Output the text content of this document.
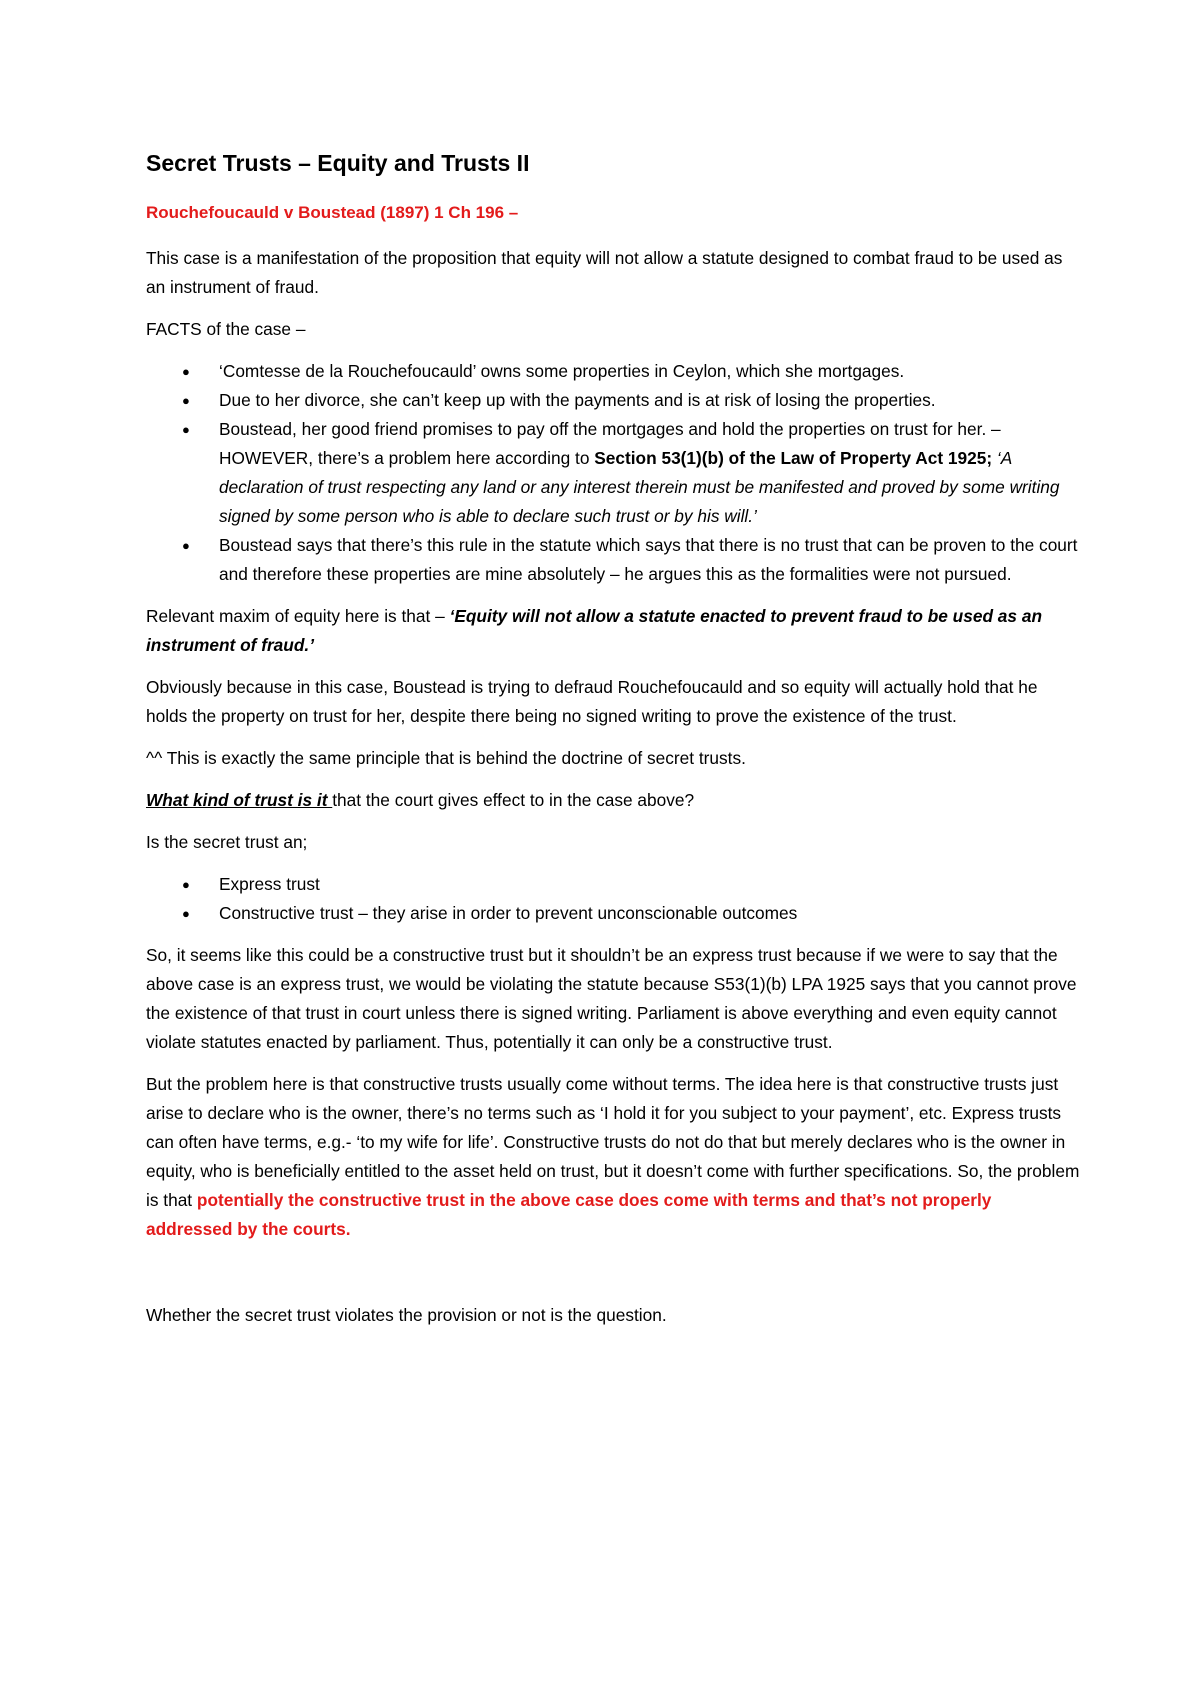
Secret Trusts – Equity and Trusts II
Rouchefoucauld v Boustead (1897) 1 Ch 196 –

This case is a manifestation of the proposition that equity will not allow a statute designed to combat fraud to be used as an instrument of fraud.

FACTS of the case –

● ‘Comtesse de la Rouchefoucauld’ owns some properties in Ceylon, which she mortgages.
● Due to her divorce, she can’t keep up with the payments and is at risk of losing the properties.
● Boustead, her good friend promises to pay off the mortgages and hold the properties on trust for her. – HOWEVER, there’s a problem here according to Section 53(1)(b) of the Law of Property Act 1925; ‘A declaration of trust respecting any land or any interest therein must be manifested and proved by some writing signed by some person who is able to declare such trust or by his will.’
● Boustead says that there’s this rule in the statute which says that there is no trust that can be proven to the court and therefore these properties are mine absolutely – he argues this as the formalities were not pursued.

Relevant maxim of equity here is that – ‘Equity will not allow a statute enacted to prevent fraud to be used as an instrument of fraud.’

Obviously because in this case, Boustead is trying to defraud Rouchefoucauld and so equity will actually hold that he holds the property on trust for her, despite there being no signed writing to prove the existence of the trust.

^^ This is exactly the same principle that is behind the doctrine of secret trusts.

What kind of trust is it that the court gives effect to in the case above?

Is the secret trust an;

● Express trust
● Constructive trust – they arise in order to prevent unconscionable outcomes

So, it seems like this could be a constructive trust but it shouldn’t be an express trust because if we were to say that the above case is an express trust, we would be violating the statute because S53(1)(b) LPA 1925 says that you cannot prove the existence of that trust in court unless there is signed writing. Parliament is above everything and even equity cannot violate statutes enacted by parliament. Thus, potentially it can only be a constructive trust.

But the problem here is that constructive trusts usually come without terms. The idea here is that constructive trusts just arise to declare who is the owner, there’s no terms such as ‘I hold it for you subject to your payment’, etc. Express trusts can often have terms, e.g.- ‘to my wife for life’. Constructive trusts do not do that but merely declares who is the owner in equity, who is beneficially entitled to the asset held on trust, but it doesn’t come with further specifications. So, the problem is that potentially the constructive trust in the above case does come with terms and that’s not properly addressed by the courts.

Whether the secret trust violates the provision or not is the question.
